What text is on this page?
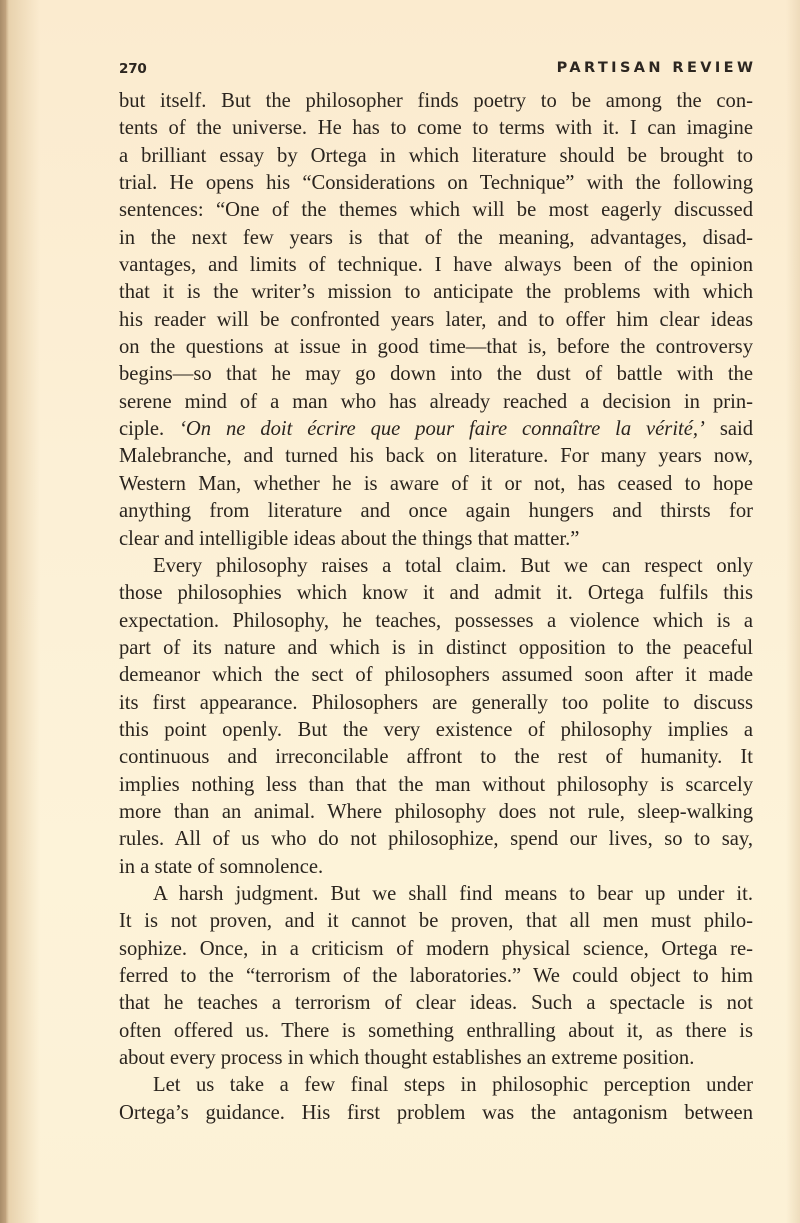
270	PARTISAN REVIEW
but itself. But the philosopher finds poetry to be among the con-
tents of the universe. He has to come to terms with it. I can imagine
a brilliant essay by Ortega in which literature should be brought to
trial. He opens his “Considerations on Technique” with the following
sentences: “One of the themes which will be most eagerly discussed
in the next few years is that of the meaning, advantages, disad-
vantages, and limits of technique. I have always been of the opinion
that it is the writer’s mission to anticipate the problems with which
his reader will be confronted years later, and to offer him clear ideas
on the questions at issue in good time—that is, before the controversy
begins—so that he may go down into the dust of battle with the
serene mind of a man who has already reached a decision in prin-
ciple. ‘On ne doit écrire que pour faire connaître la vérité,’ said
Malebranche, and turned his back on literature. For many years now,
Western Man, whether he is aware of it or not, has ceased to hope
anything from literature and once again hungers and thirsts for
clear and intelligible ideas about the things that matter.”
Every philosophy raises a total claim. But we can respect only
those philosophies which know it and admit it. Ortega fulfils this
expectation. Philosophy, he teaches, possesses a violence which is a
part of its nature and which is in distinct opposition to the peaceful
demeanor which the sect of philosophers assumed soon after it made
its first appearance. Philosophers are generally too polite to discuss
this point openly. But the very existence of philosophy implies a
continuous and irreconcilable affront to the rest of humanity. It
implies nothing less than that the man without philosophy is scarcely
more than an animal. Where philosophy does not rule, sleep-walking
rules. All of us who do not philosophize, spend our lives, so to say,
in a state of somnolence.
A harsh judgment. But we shall find means to bear up under it.
It is not proven, and it cannot be proven, that all men must philo-
sophize. Once, in a criticism of modern physical science, Ortega re-
ferred to the “terrorism of the laboratories.” We could object to him
that he teaches a terrorism of clear ideas. Such a spectacle is not
often offered us. There is something enthralling about it, as there is
about every process in which thought establishes an extreme position.
Let us take a few final steps in philosophic perception under
Ortega’s guidance. His first problem was the antagonism between
